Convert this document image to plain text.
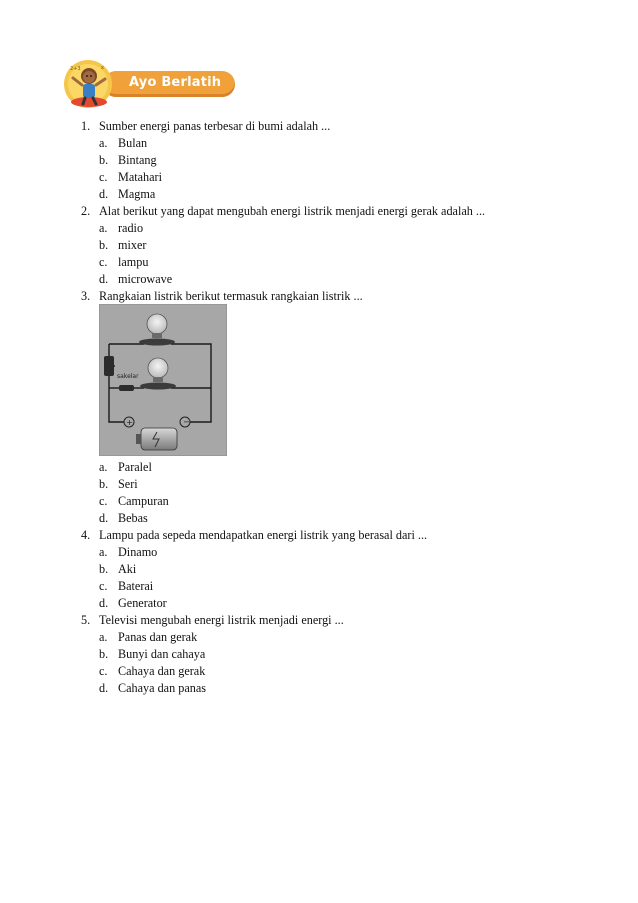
2+3	x
Ayo Berlatih
1. Sumber energi panas terbesar di bumi adalah ...
a. Bulan
b. Bintang
c. Matahari
d. Magma
2. Alat berikut yang dapat mengubah energi listrik menjadi energi gerak adalah ...
a. radio
b. mixer
c. lampu
d. microwave
3. Rangkaian listrik berikut termasuk rangkaian listrik ...
sakelar
+	−
a. Paralel
b. Seri
c. Campuran
d. Bebas
4. Lampu pada sepeda mendapatkan energi listrik yang berasal dari ...
a. Dinamo
b. Aki
c. Baterai
d. Generator
5. Televisi mengubah energi listrik menjadi energi ...
a. Panas dan gerak
b. Bunyi dan cahaya
c. Cahaya dan gerak
d. Cahaya dan panas
